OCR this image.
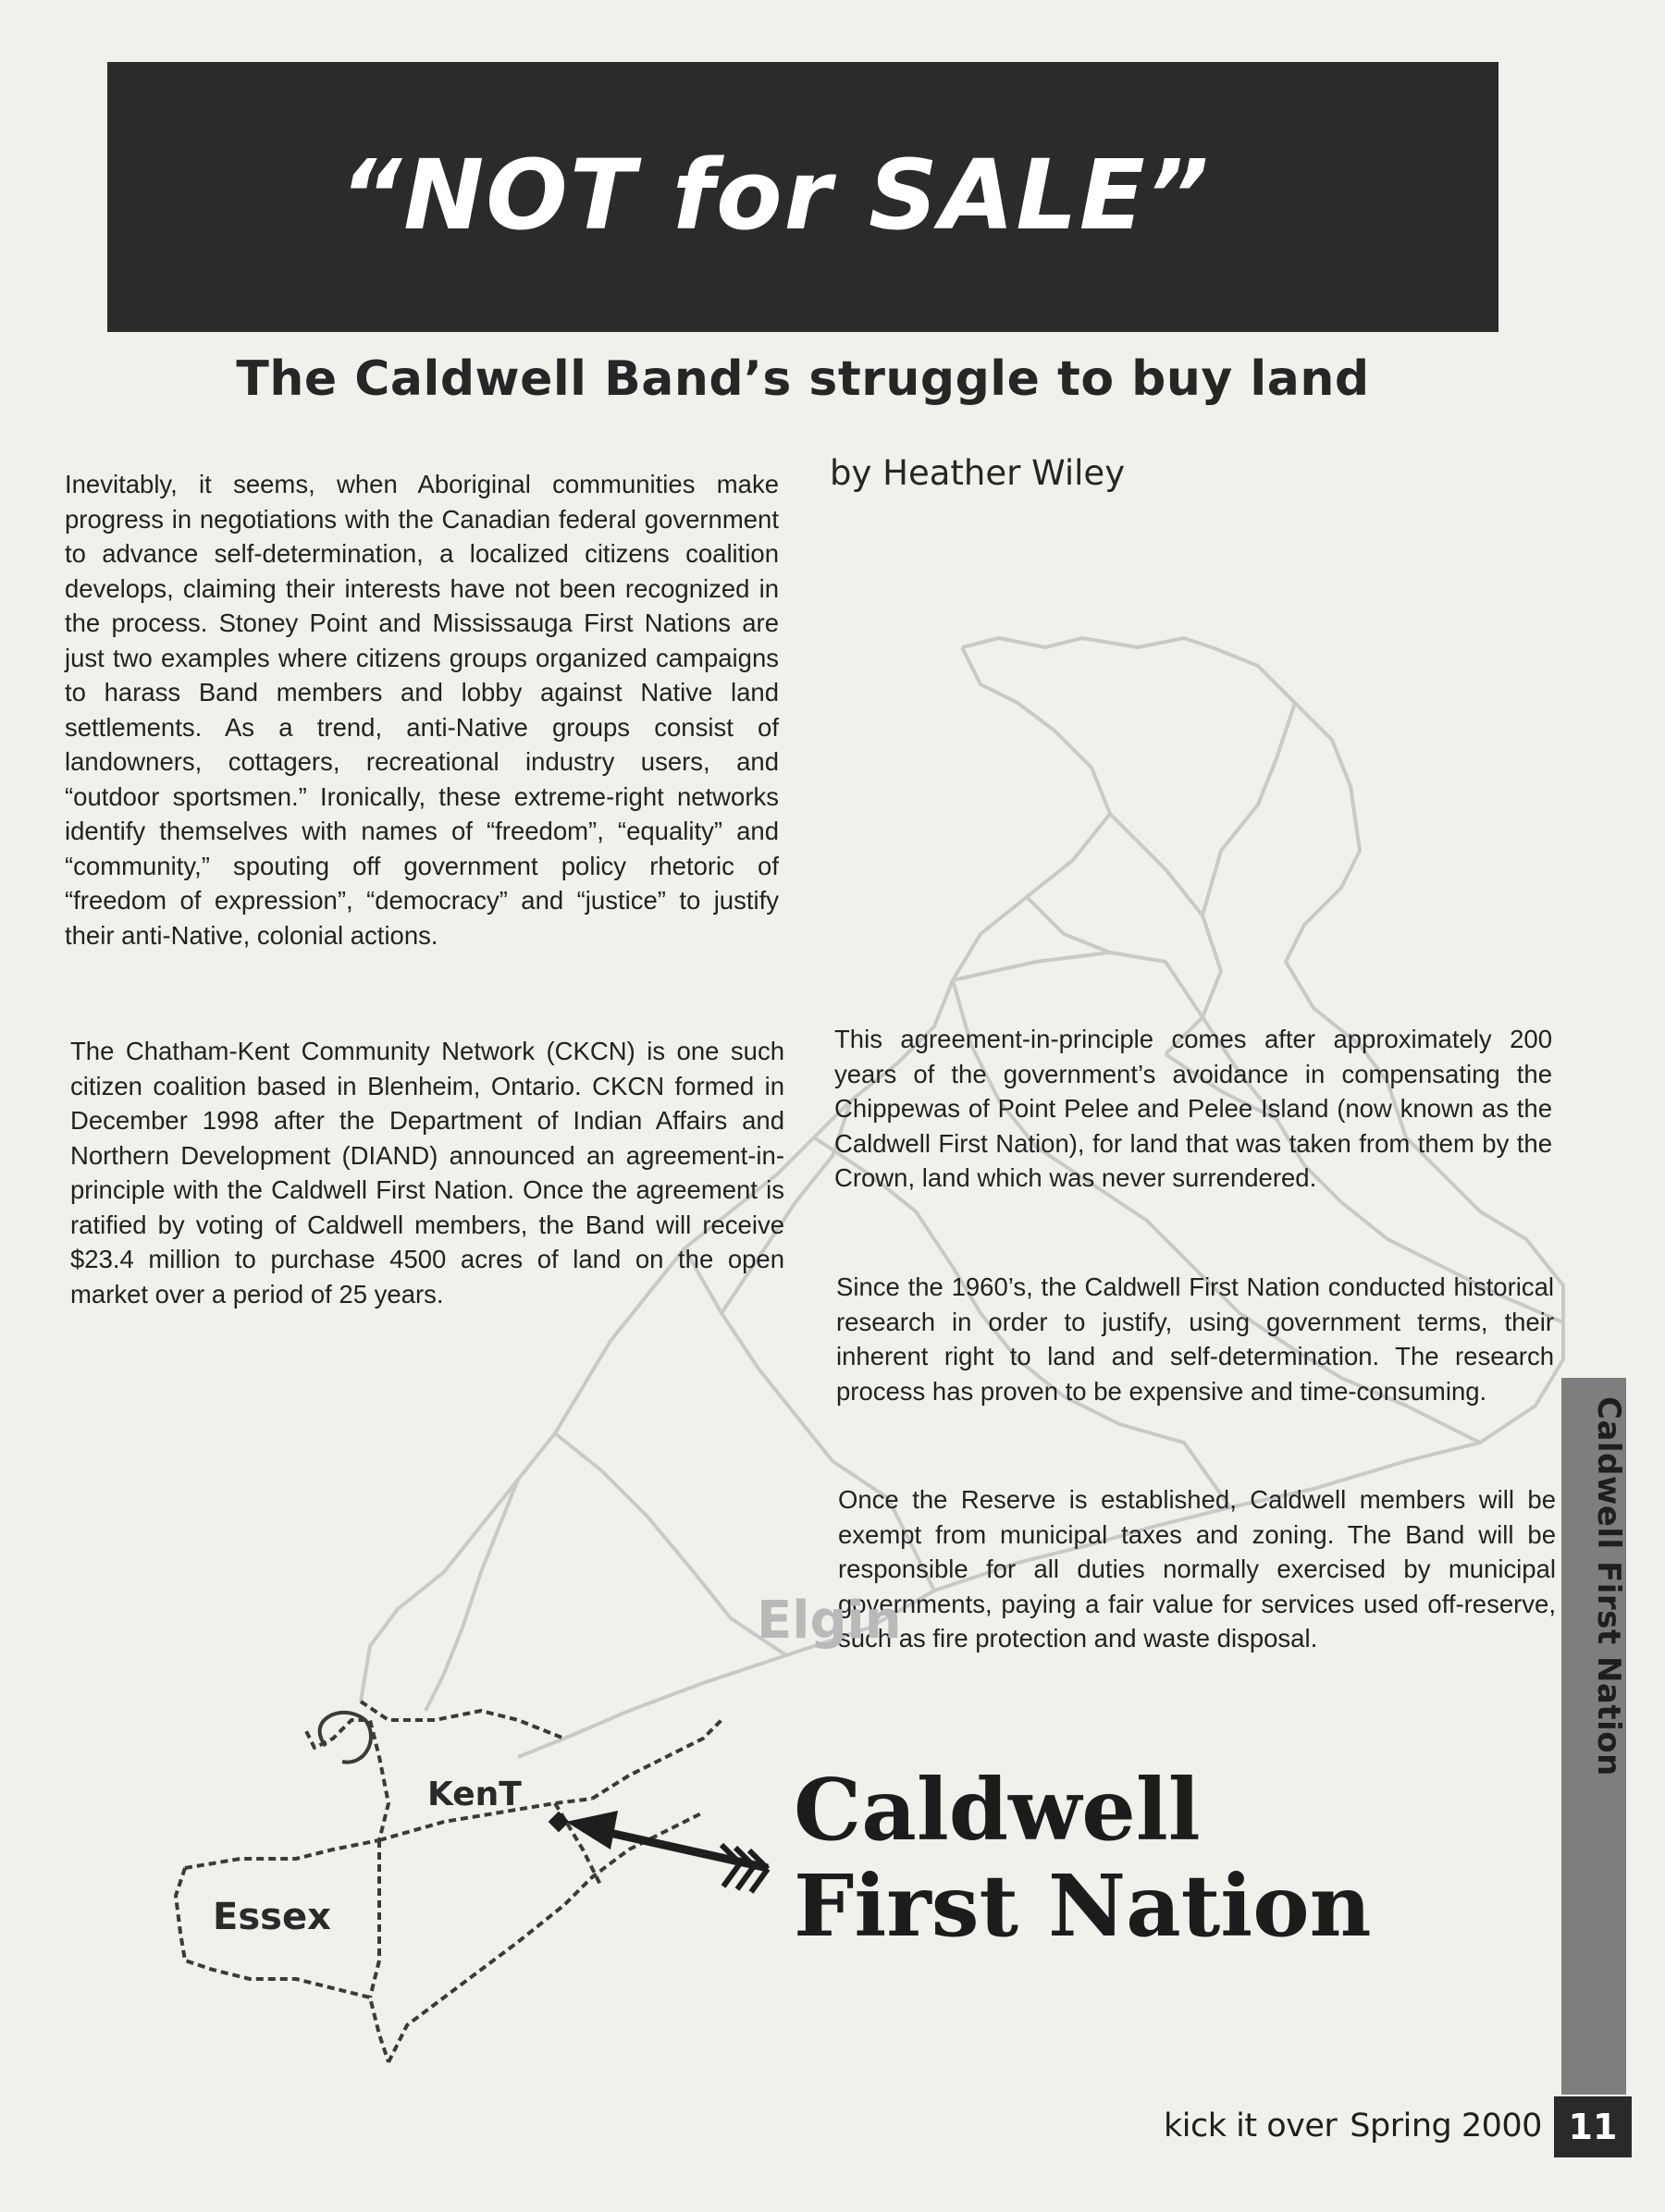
“NOT for SALE”
The Caldwell Band’s struggle to buy land
by Heather Wiley

Inevitably, it seems, when Aboriginal communities make progress in negotiations with the Canadian federal government to advance self-determination, a localized citizens coalition develops, claiming their interests have not been recognized in the process. Stoney Point and Mississauga First Nations are just two examples where citizens groups organized campaigns to harass Band members and lobby against Native land settlements. As a trend, anti-Native groups consist of landowners, cottagers, recreational industry users, and “outdoor sportsmen.” Ironically, these extreme-right networks identify themselves with names of “freedom”, “equality” and “community,” spouting off government policy rhetoric of “freedom of expression”, “democracy” and “justice” to justify their anti-Native, colonial actions.

The Chatham-Kent Community Network (CKCN) is one such citizen coalition based in Blenheim, Ontario. CKCN formed in December 1998 after the Department of Indian Affairs and Northern Development (DIAND) announced an agreement-in-principle with the Caldwell First Nation. Once the agreement is ratified by voting of Caldwell members, the Band will receive $23.4 million to purchase 4500 acres of land on the open market over a period of 25 years.

This agreement-in-principle comes after approximately 200 years of the government’s avoidance in compensating the Chippewas of Point Pelee and Pelee Island (now known as the Caldwell First Nation), for land that was taken from them by the Crown, land which was never surrendered.

Since the 1960’s, the Caldwell First Nation conducted historical research in order to justify, using government terms, their inherent right to land and self-determination. The research process has proven to be expensive and time-consuming.

Once the Reserve is established, Caldwell members will be exempt from municipal taxes and zoning. The Band will be responsible for all duties normally exercised by municipal governments, paying a fair value for services used off-reserve, such as fire protection and waste disposal.

Elgin
KenT
Essex
Caldwell
First Nation
Caldwell First Nation
kick it over Spring 2000 11
